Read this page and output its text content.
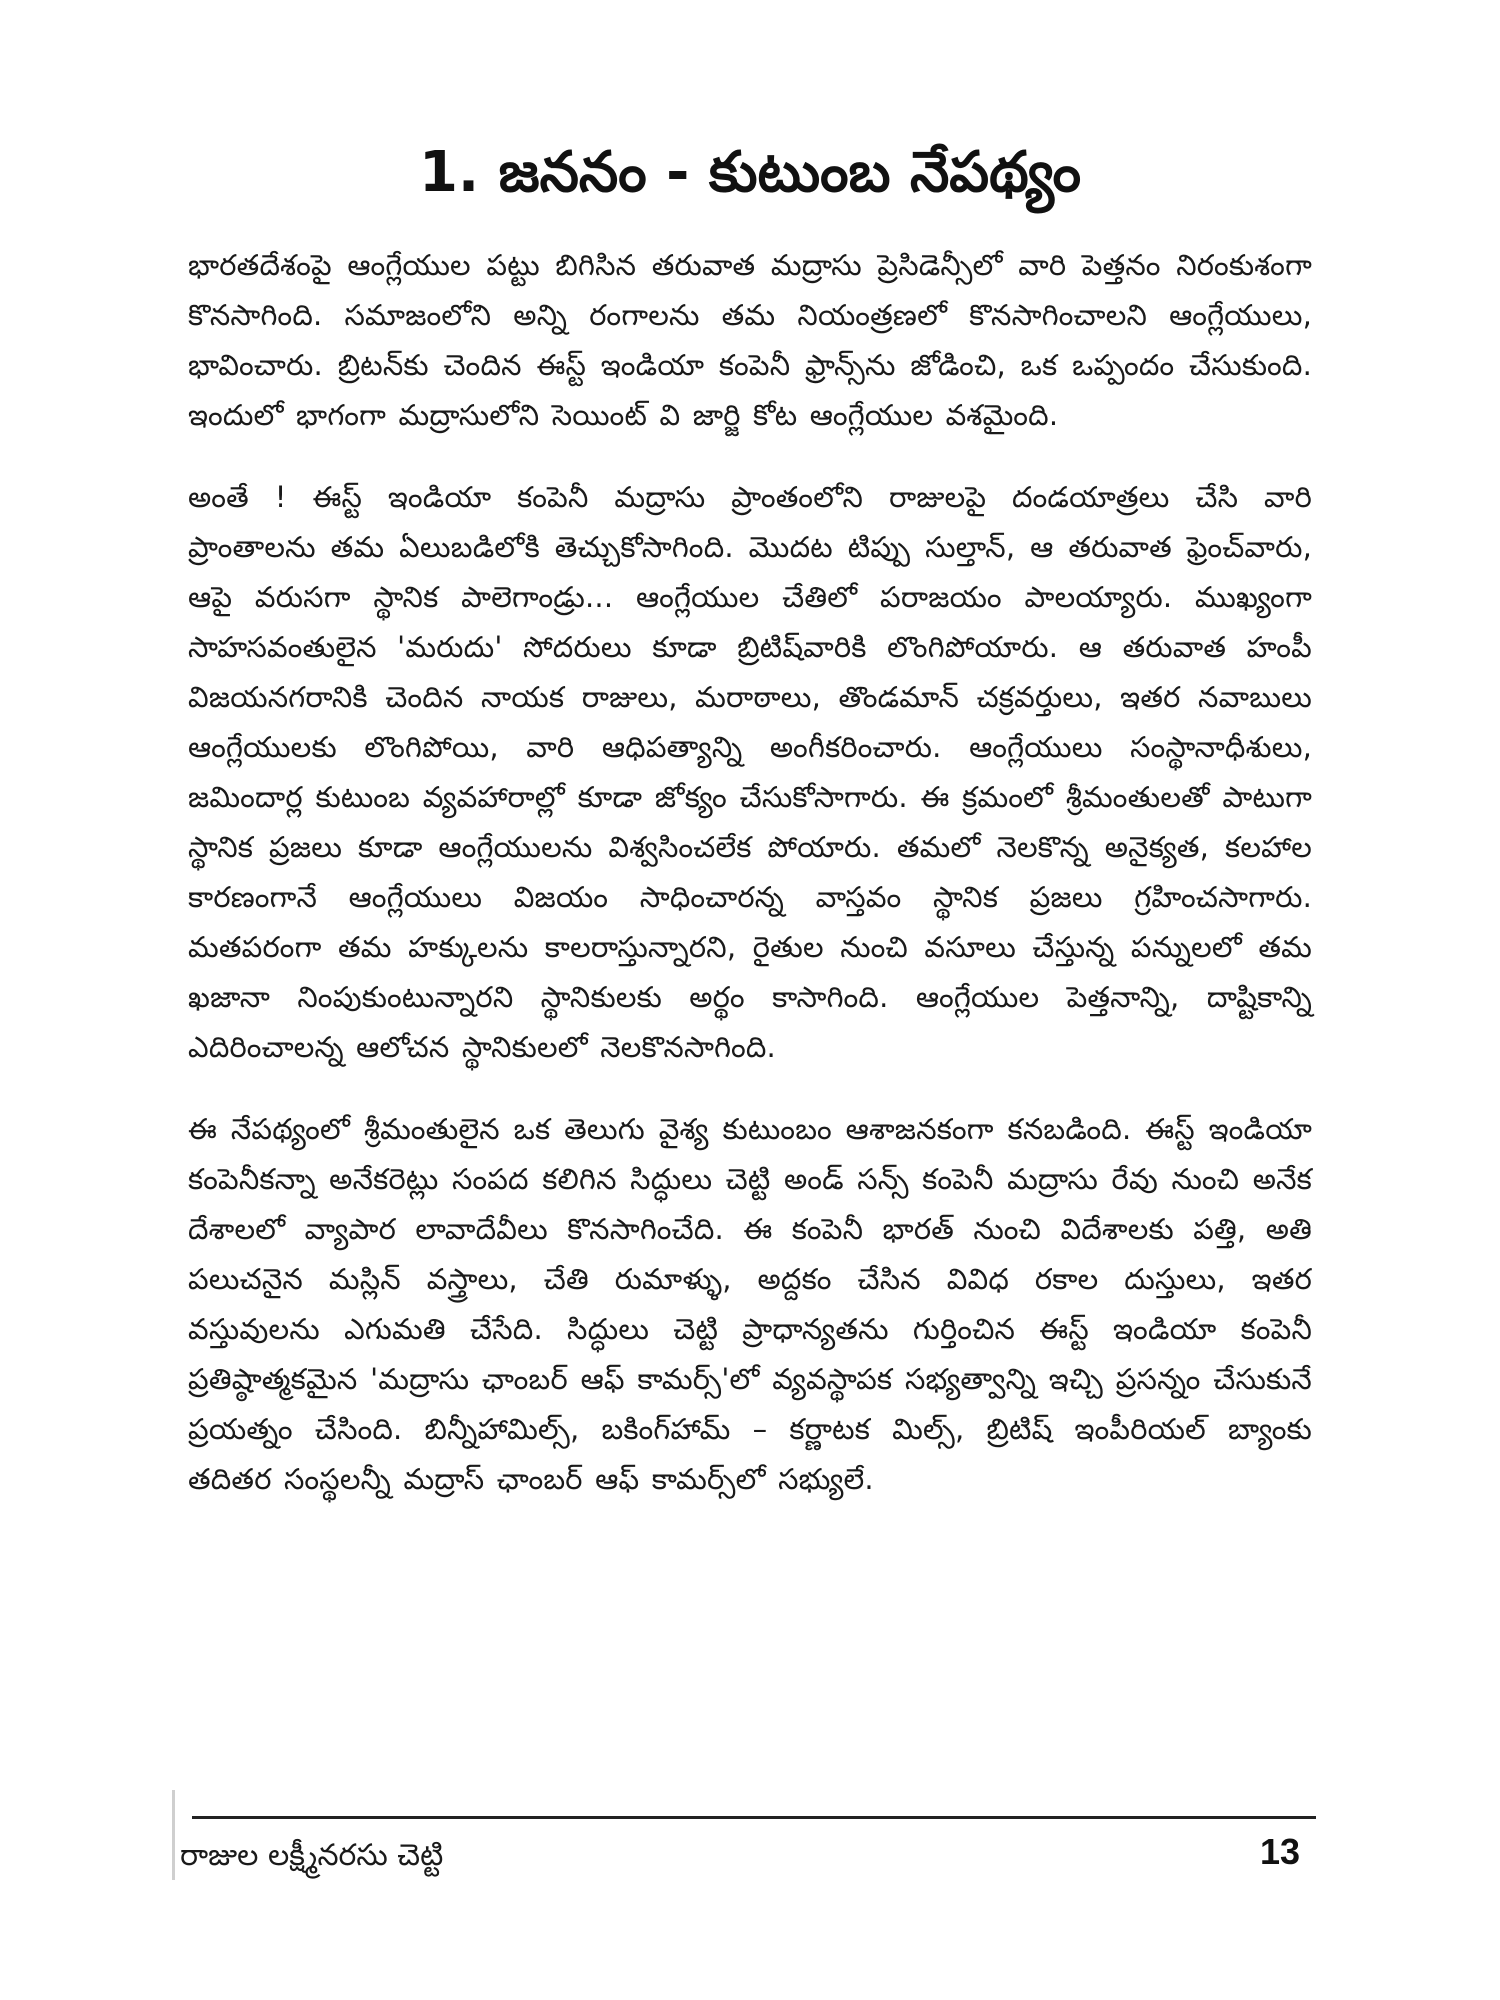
1. జననం - కుటుంబ నేపథ్యం

భారతదేశంపై ఆంగ్లేయుల పట్టు బిగిసిన తరువాత మద్రాసు ప్రెసిడెన్సీలో వారి పెత్తనం నిరంకుశంగా కొనసాగింది. సమాజంలోని అన్ని రంగాలను తమ నియంత్రణలో కొనసాగించాలని ఆంగ్లేయులు, భావించారు. బ్రిటన్‌కు చెందిన ఈస్ట్ ఇండియా కంపెనీ ఫ్రాన్స్‌ను జోడించి, ఒక ఒప్పందం చేసుకుంది. ఇందులో భాగంగా మద్రాసులోని సెయింట్ వి జార్జి కోట ఆంగ్లేయుల వశమైంది.

అంతే ! ఈస్ట్ ఇండియా కంపెనీ మద్రాసు ప్రాంతంలోని రాజులపై దండయాత్రలు చేసి వారి ప్రాంతాలను తమ ఏలుబడిలోకి తెచ్చుకోసాగింది. మొదట టిప్పు సుల్తాన్, ఆ తరువాత ఫ్రెంచ్‌వారు, ఆపై వరుసగా స్థానిక పాలెగాండ్రు... ఆంగ్లేయుల చేతిలో పరాజయం పాలయ్యారు. ముఖ్యంగా సాహసవంతులైన 'మరుదు' సోదరులు కూడా బ్రిటిష్‌వారికి లొంగిపోయారు. ఆ తరువాత హంపీ విజయనగరానికి చెందిన నాయక రాజులు, మరాఠాలు, తొండమాన్ చక్రవర్తులు, ఇతర నవాబులు ఆంగ్లేయులకు లొంగిపోయి, వారి ఆధిపత్యాన్ని అంగీకరించారు. ఆంగ్లేయులు సంస్థానాధీశులు, జమిందార్ల కుటుంబ వ్యవహారాల్లో కూడా జోక్యం చేసుకోసాగారు. ఈ క్రమంలో శ్రీమంతులతో పాటుగా స్థానిక ప్రజలు కూడా ఆంగ్లేయులను విశ్వసించలేక పోయారు. తమలో నెలకొన్న అనైక్యత, కలహాల కారణంగానే ఆంగ్లేయులు విజయం సాధించారన్న వాస్తవం స్థానిక ప్రజలు గ్రహించసాగారు. మతపరంగా తమ హక్కులను కాలరాస్తున్నారని, రైతుల నుంచి వసూలు చేస్తున్న పన్నులలో తమ ఖజానా నింపుకుంటున్నారని స్థానికులకు అర్థం కాసాగింది. ఆంగ్లేయుల పెత్తనాన్ని, దాష్టికాన్ని ఎదిరించాలన్న ఆలోచన స్థానికులలో నెలకొనసాగింది.

ఈ నేపథ్యంలో శ్రీమంతులైన ఒక తెలుగు వైశ్య కుటుంబం ఆశాజనకంగా కనబడింది. ఈస్ట్ ఇండియా కంపెనీకన్నా అనేకరెట్లు సంపద కలిగిన సిద్ధులు చెట్టి అండ్ సన్స్ కంపెనీ మద్రాసు రేవు నుంచి అనేక దేశాలలో వ్యాపార లావాదేవీలు కొనసాగించేది. ఈ కంపెనీ భారత్ నుంచి విదేశాలకు పత్తి, అతి పలుచనైన మస్లిన్ వస్త్రాలు, చేతి రుమాళ్ళు, అద్దకం చేసిన వివిధ రకాల దుస్తులు, ఇతర వస్తువులను ఎగుమతి చేసేది. సిద్ధులు చెట్టి ప్రాధాన్యతను గుర్తించిన ఈస్ట్ ఇండియా కంపెనీ ప్రతిష్ఠాత్మకమైన 'మద్రాసు ఛాంబర్ ఆఫ్ కామర్స్'లో వ్యవస్థాపక సభ్యత్వాన్ని ఇచ్చి ప్రసన్నం చేసుకునే ప్రయత్నం చేసింది. బిన్నీహామిల్స్, బకింగ్‌హామ్ – కర్ణాటక మిల్స్, బ్రిటిష్ ఇంపీరియల్ బ్యాంకు తదితర సంస్థలన్నీ మద్రాస్ ఛాంబర్ ఆఫ్ కామర్స్‌లో సభ్యులే.

రాజుల లక్ష్మీనరసు చెట్టి	13
